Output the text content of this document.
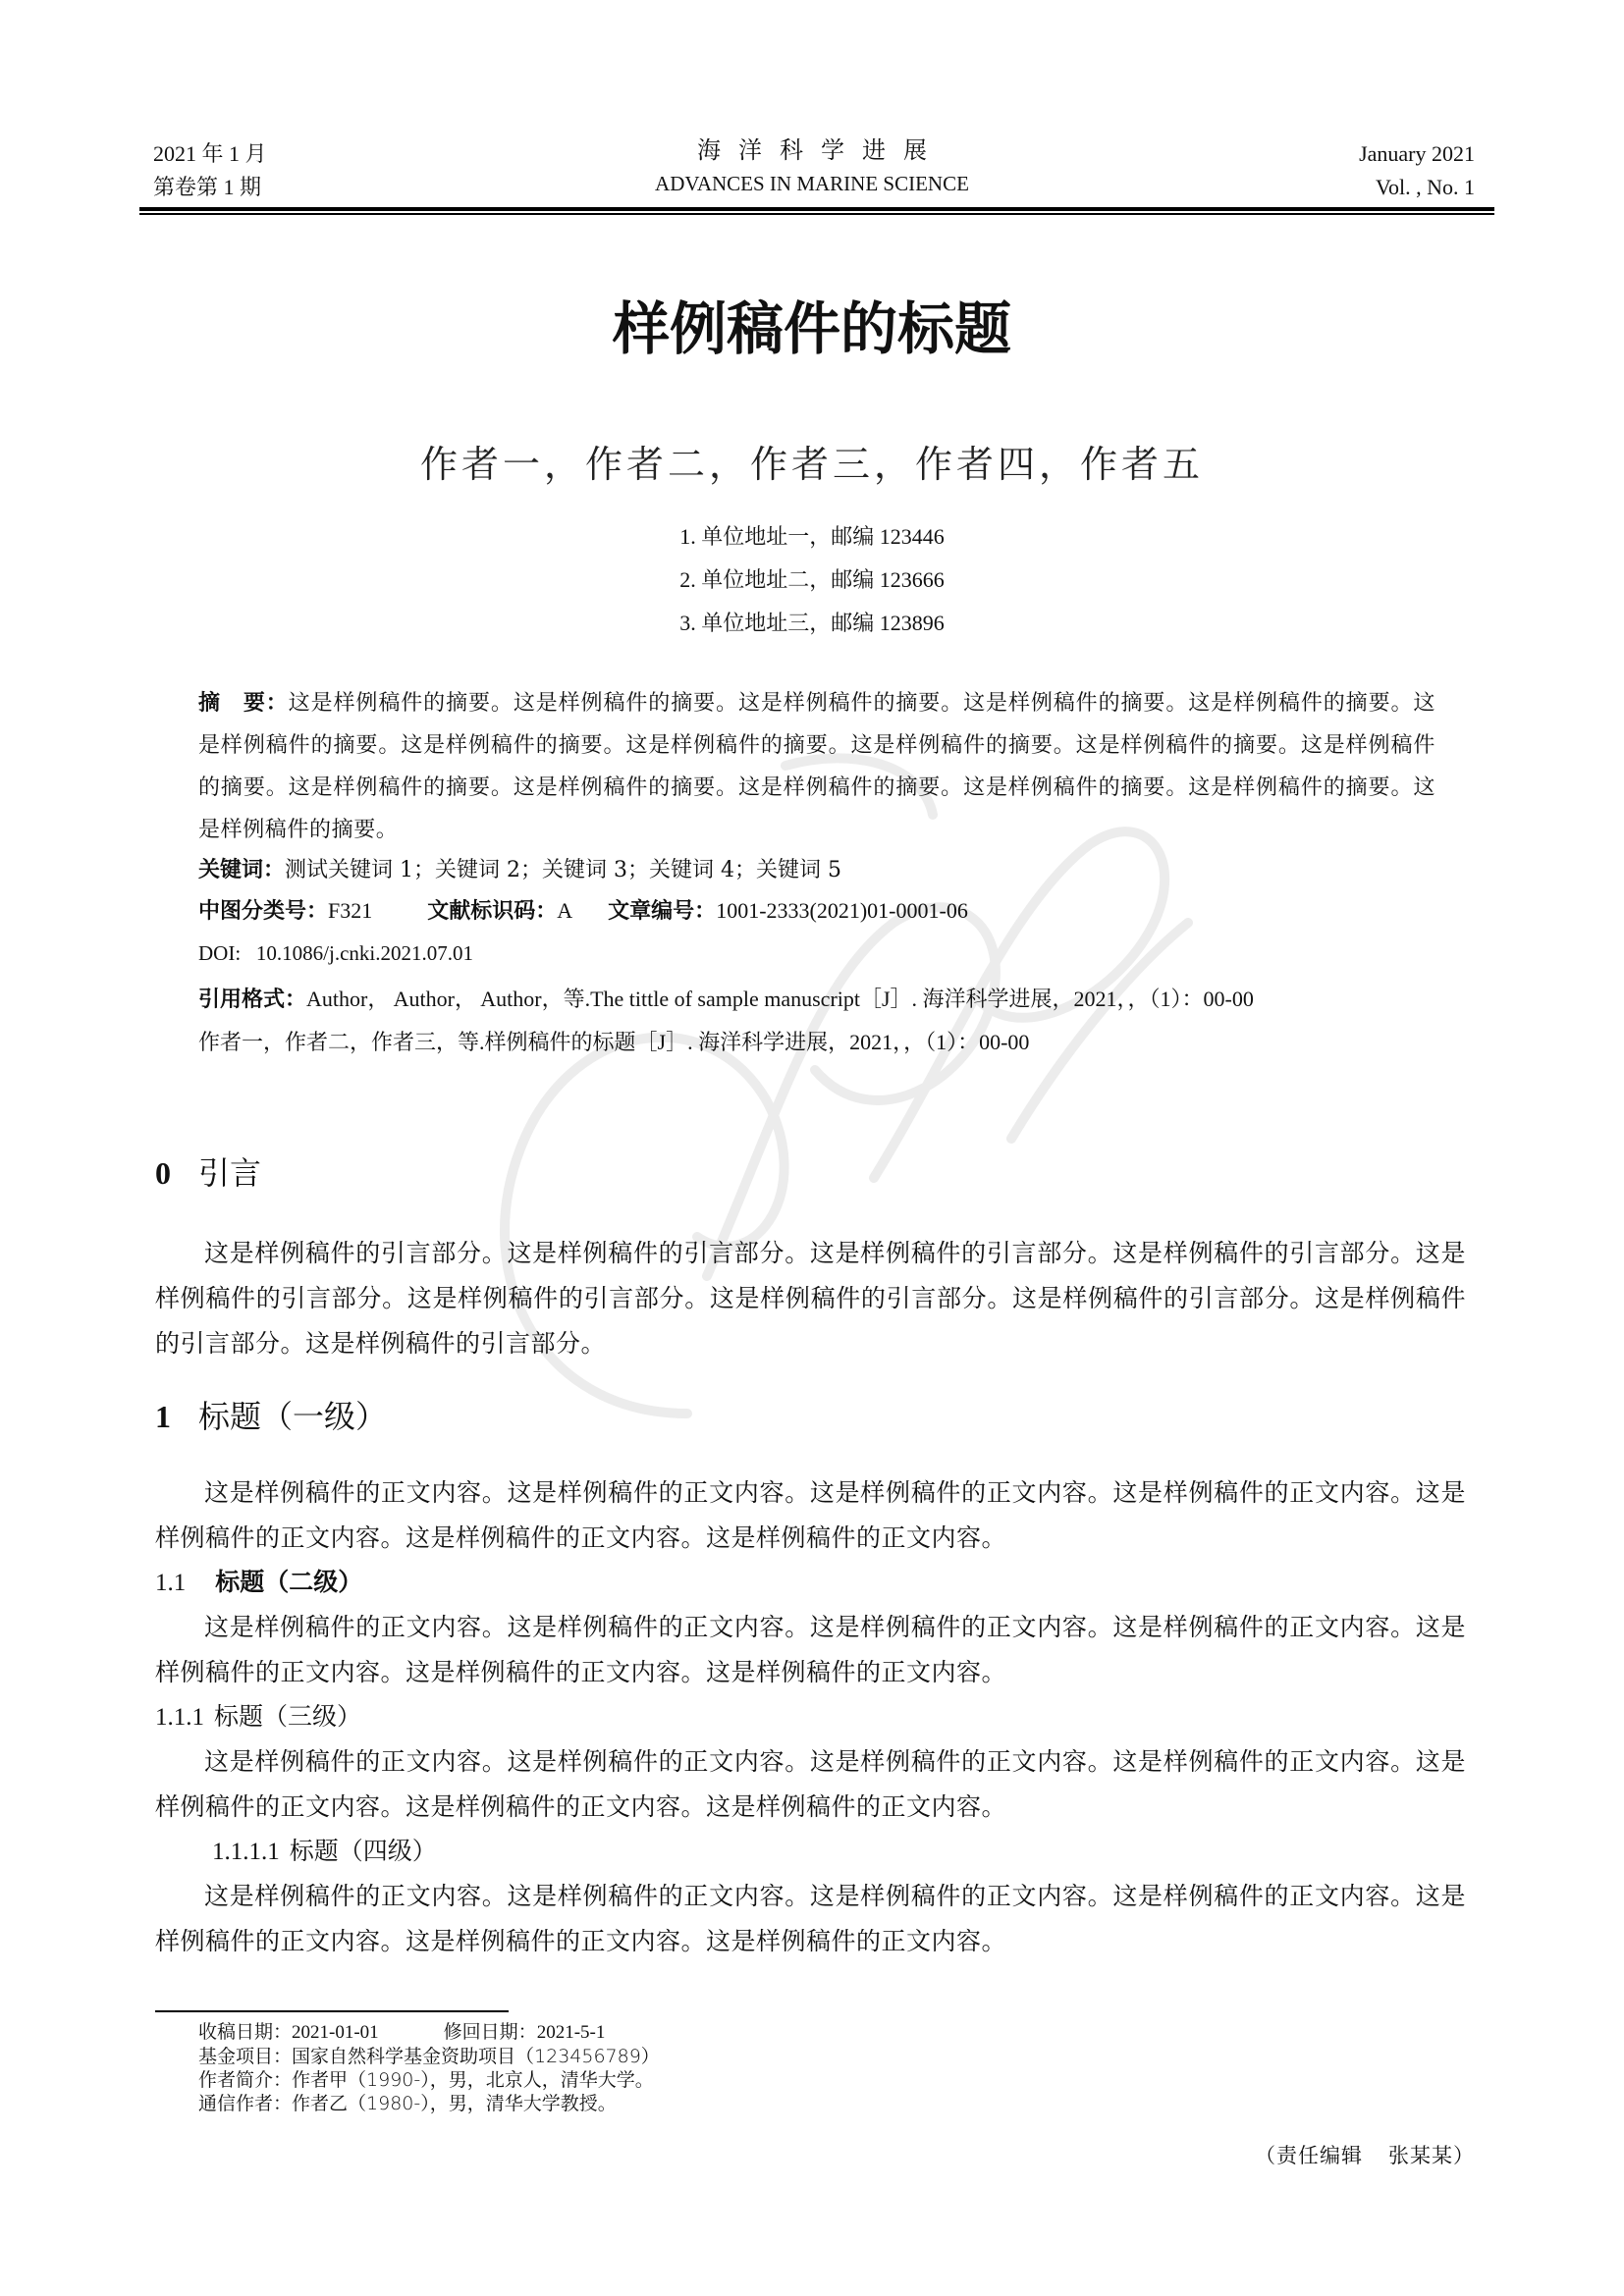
2021 年 1 月
第卷第 1 期
海洋科学进展
ADVANCES IN MARINE SCIENCE
January 2021
Vol. , No. 1
样例稿件的标题
作者一，作者二，作者三，作者四，作者五
1. 单位地址一，邮编 123446
2. 单位地址二，邮编 123666
3. 单位地址三，邮编 123896
摘　要：这是样例稿件的摘要。这是样例稿件的摘要。这是样例稿件的摘要。这是样例稿件的摘要。这是样例稿件的摘要。这是样例稿件的摘要。这是样例稿件的摘要。这是样例稿件的摘要。这是样例稿件的摘要。这是样例稿件的摘要。这是样例稿件的摘要。这是样例稿件的摘要。这是样例稿件的摘要。这是样例稿件的摘要。这是样例稿件的摘要。这是样例稿件的摘要。这是样例稿件的摘要。
关键词：测试关键词 1；关键词 2；关键词 3；关键词 4；关键词 5
中图分类号：F321	文献标识码：A 文章编号：1001-2333(2021)01-0001-06
DOI: 10.1086/j.cnki.2021.07.01
引用格式：Author， Author， Author，等.The tittle of sample manuscript［J］. 海洋科学进展，2021，，（1）：00-00
作者一，作者二，作者三，等.样例稿件的标题［J］. 海洋科学进展，2021，，（1）：00-00
0 引言
这是样例稿件的引言部分。这是样例稿件的引言部分。这是样例稿件的引言部分。这是样例稿件的引言部分。这是样例稿件的引言部分。这是样例稿件的引言部分。这是样例稿件的引言部分。这是样例稿件的引言部分。这是样例稿件的引言部分。这是样例稿件的引言部分。
1 标题（一级）
这是样例稿件的正文内容。这是样例稿件的正文内容。这是样例稿件的正文内容。这是样例稿件的正文内容。这是样例稿件的正文内容。这是样例稿件的正文内容。这是样例稿件的正文内容。
1.1 标题（二级）
这是样例稿件的正文内容。这是样例稿件的正文内容。这是样例稿件的正文内容。这是样例稿件的正文内容。这是样例稿件的正文内容。这是样例稿件的正文内容。这是样例稿件的正文内容。
1.1.1 标题（三级）
这是样例稿件的正文内容。这是样例稿件的正文内容。这是样例稿件的正文内容。这是样例稿件的正文内容。这是样例稿件的正文内容。这是样例稿件的正文内容。这是样例稿件的正文内容。
1.1.1.1 标题（四级）
这是样例稿件的正文内容。这是样例稿件的正文内容。这是样例稿件的正文内容。这是样例稿件的正文内容。这是样例稿件的正文内容。这是样例稿件的正文内容。这是样例稿件的正文内容。
收稿日期：2021-01-01	修回日期：2021-5-1
基金项目：国家自然科学基金资助项目（123456789）
作者简介：作者甲（1990-），男，北京人，清华大学。
通信作者：作者乙（1980-），男，清华大学教授。
（责任编辑 张某某）
